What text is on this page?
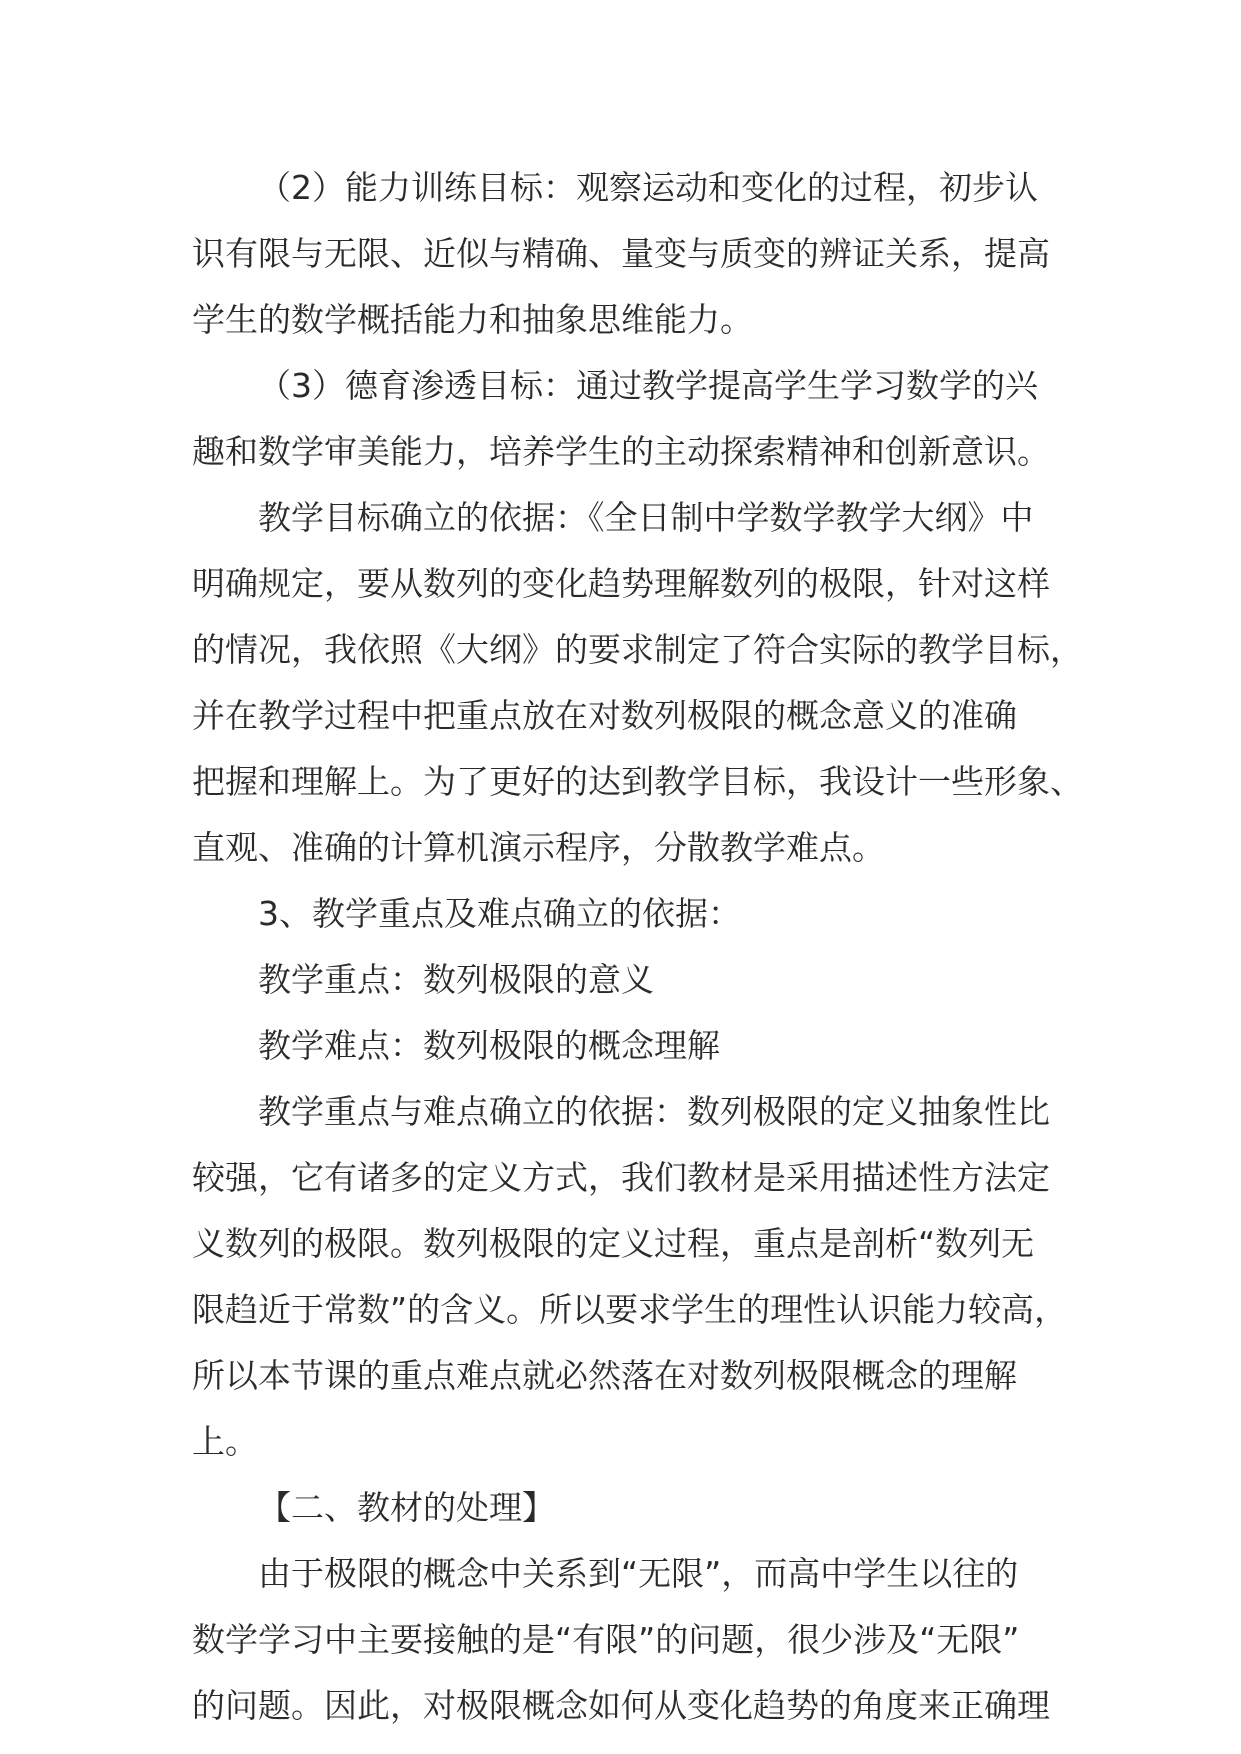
（2）能力训练目标：观察运动和变化的过程，初步认
识有限与无限、近似与精确、量变与质变的辨证关系，提高
学生的数学概括能力和抽象思维能力。
（3）德育渗透目标：通过教学提高学生学习数学的兴
趣和数学审美能力，培养学生的主动探索精神和创新意识。
教学目标确立的依据：《全日制中学数学教学大纲》中
明确规定，要从数列的变化趋势理解数列的极限，针对这样
的情况，我依照《大纲》的要求制定了符合实际的教学目标，
并在教学过程中把重点放在对数列极限的概念意义的准确
把握和理解上。为了更好的达到教学目标，我设计一些形象、
直观、准确的计算机演示程序，分散教学难点。
3、教学重点及难点确立的依据：
教学重点：数列极限的意义
教学难点：数列极限的概念理解
教学重点与难点确立的依据：数列极限的定义抽象性比
较强，它有诸多的定义方式，我们教材是采用描述性方法定
义数列的极限。数列极限的定义过程，重点是剖析“数列无
限趋近于常数”的含义。所以要求学生的理性认识能力较高，
所以本节课的重点难点就必然落在对数列极限概念的理解
上。
【二、教材的处理】
由于极限的概念中关系到“无限”，而高中学生以往的
数学学习中主要接触的是“有限”的问题，很少涉及“无限”
的问题。因此，对极限概念如何从变化趋势的角度来正确理
